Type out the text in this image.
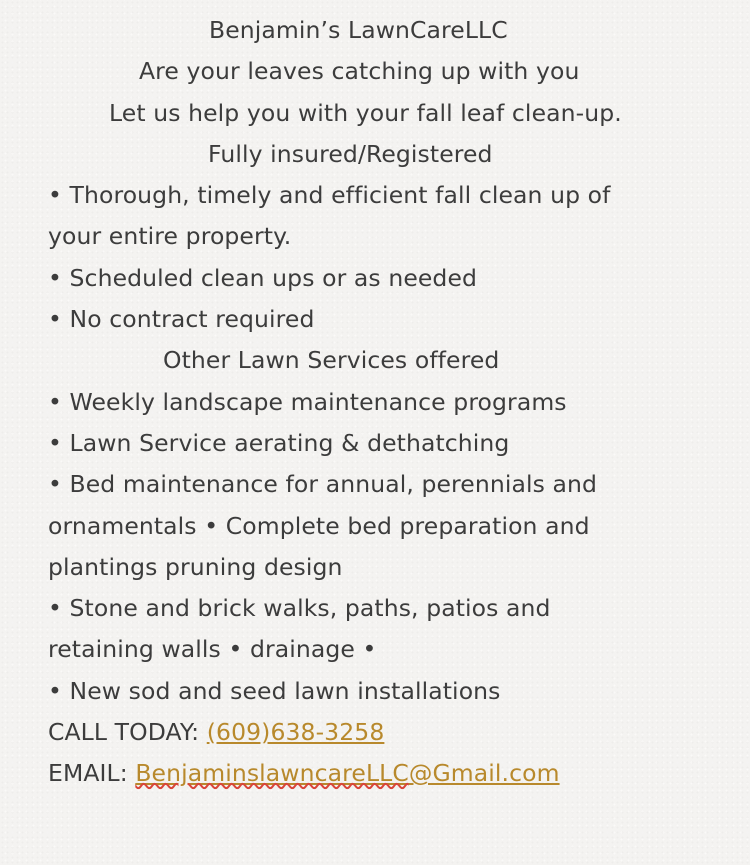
Benjamin’s LawnCareLLC
Are your leaves catching up with you
Let us help you with your fall leaf clean-up.
Fully insured/Registered
• Thorough, timely and efficient fall clean up of
your entire property.
• Scheduled clean ups or as needed
• No contract required
Other Lawn Services offered
• Weekly landscape maintenance programs
• Lawn Service aerating & dethatching
• Bed maintenance for annual, perennials and
ornamentals • Complete bed preparation and
plantings pruning design
• Stone and brick walks, paths, patios and
retaining walls • drainage •
• New sod and seed lawn installations
CALL TODAY: (609)638-3258
EMAIL: BenjaminslawncareLLC@Gmail.com
